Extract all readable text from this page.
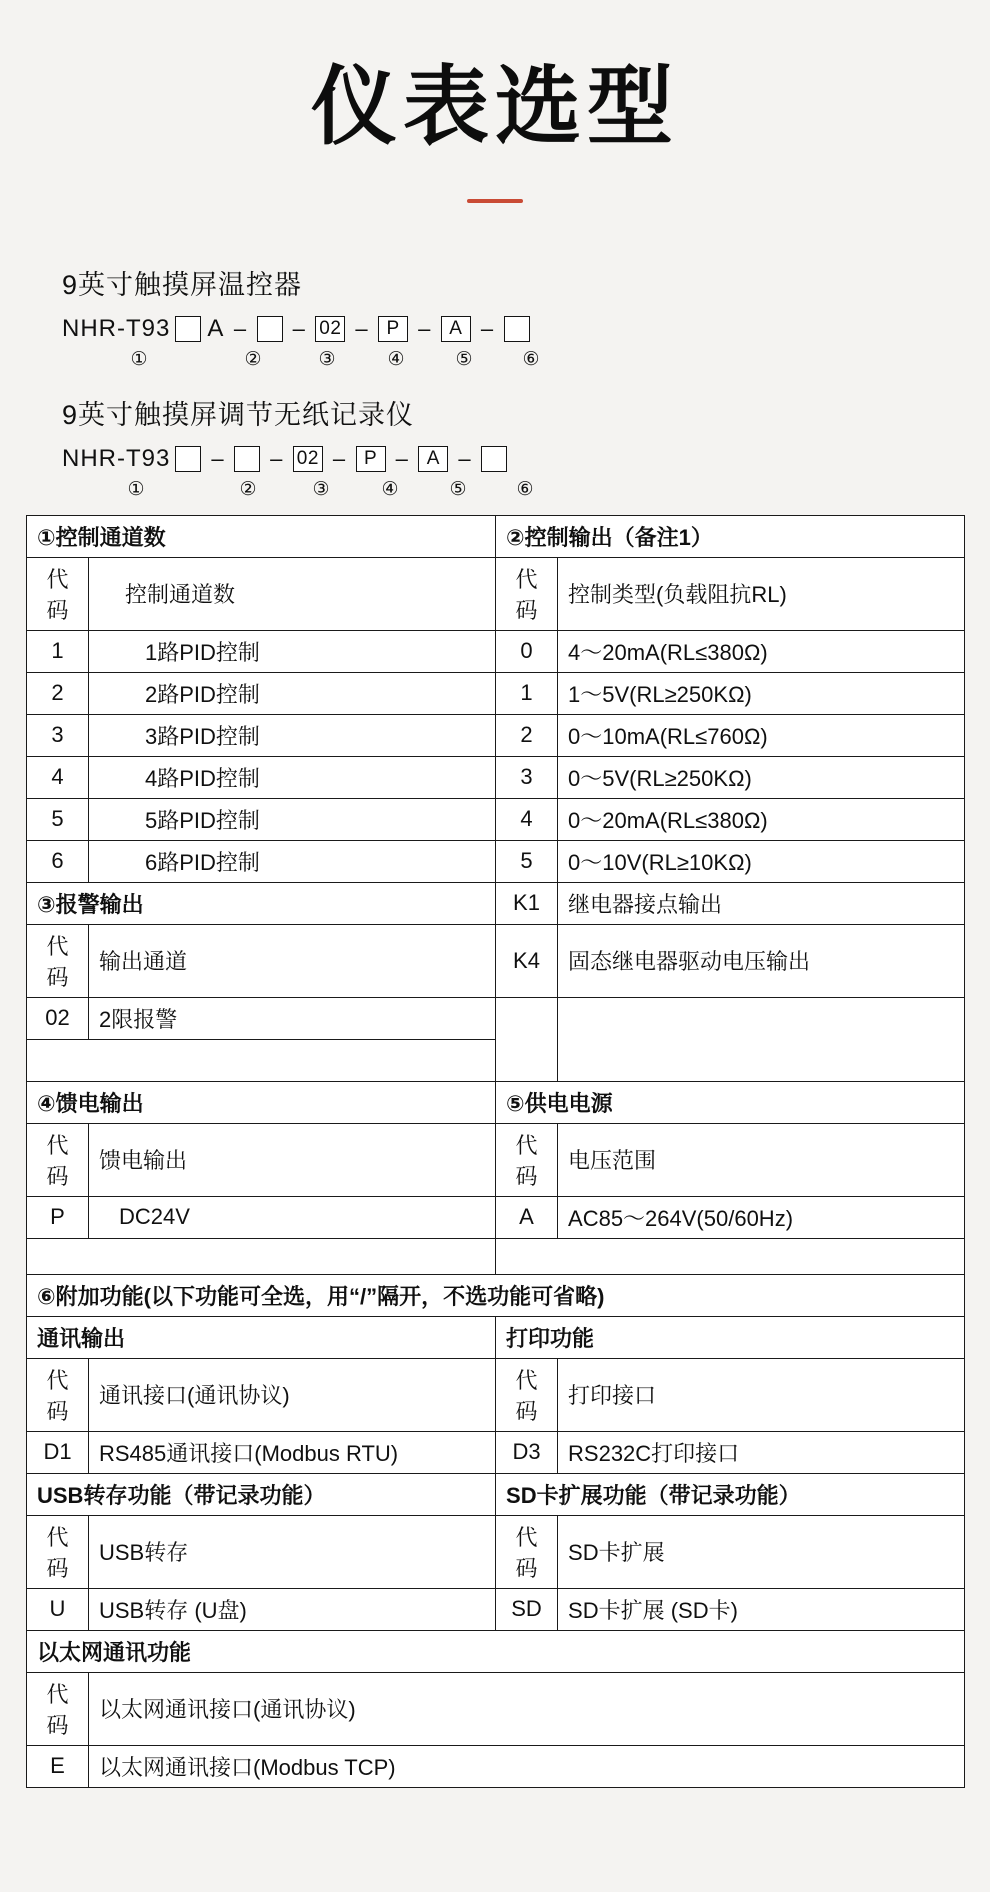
仪表选型
9英寸触摸屏温控器
NHR-T93 A – – 02 – P – A –
①	②	③	④	⑤	⑥
9英寸触摸屏调节无纸记录仪
NHR-T93 – – 02 – P – A –
①	②	③	④	⑤	⑥
①控制通道数		②控制输出（备注1）	
代码	控制通道数	代码	控制类型(负载阻抗RL)
1	1路PID控制	0	4〜20mA(RL≤380Ω)
2	2路PID控制	1	1〜5V(RL≥250KΩ)
3	3路PID控制	2	0〜10mA(RL≤760Ω)
4	4路PID控制	3	0〜5V(RL≥250KΩ)
5	5路PID控制	4	0〜20mA(RL≤380Ω)
6	6路PID控制	5	0〜10V(RL≥10KΩ)
③报警输出		K1	继电器接点输出
代码	输出通道	K4	固态继电器驱动电压输出
02	2限报警		

④馈电输出		⑤供电电源	
代码	馈电输出	代码	电压范围
P	DC24V	A	AC85〜264V(50/60Hz)

⑥附加功能(以下功能可全选，用“/”隔开，不选功能可省略)			
通讯输出		打印功能	
代码	通讯接口(通讯协议)	代码	打印接口
D1	RS485通讯接口(Modbus RTU)	D3	RS232C打印接口
USB转存功能（带记录功能）		SD卡扩展功能（带记录功能）	
代码	USB转存	代码	SD卡扩展
U	USB转存 (U盘)	SD	SD卡扩展 (SD卡)
以太网通讯功能			
代码	以太网通讯接口(通讯协议)		
E	以太网通讯接口(Modbus TCP)		
